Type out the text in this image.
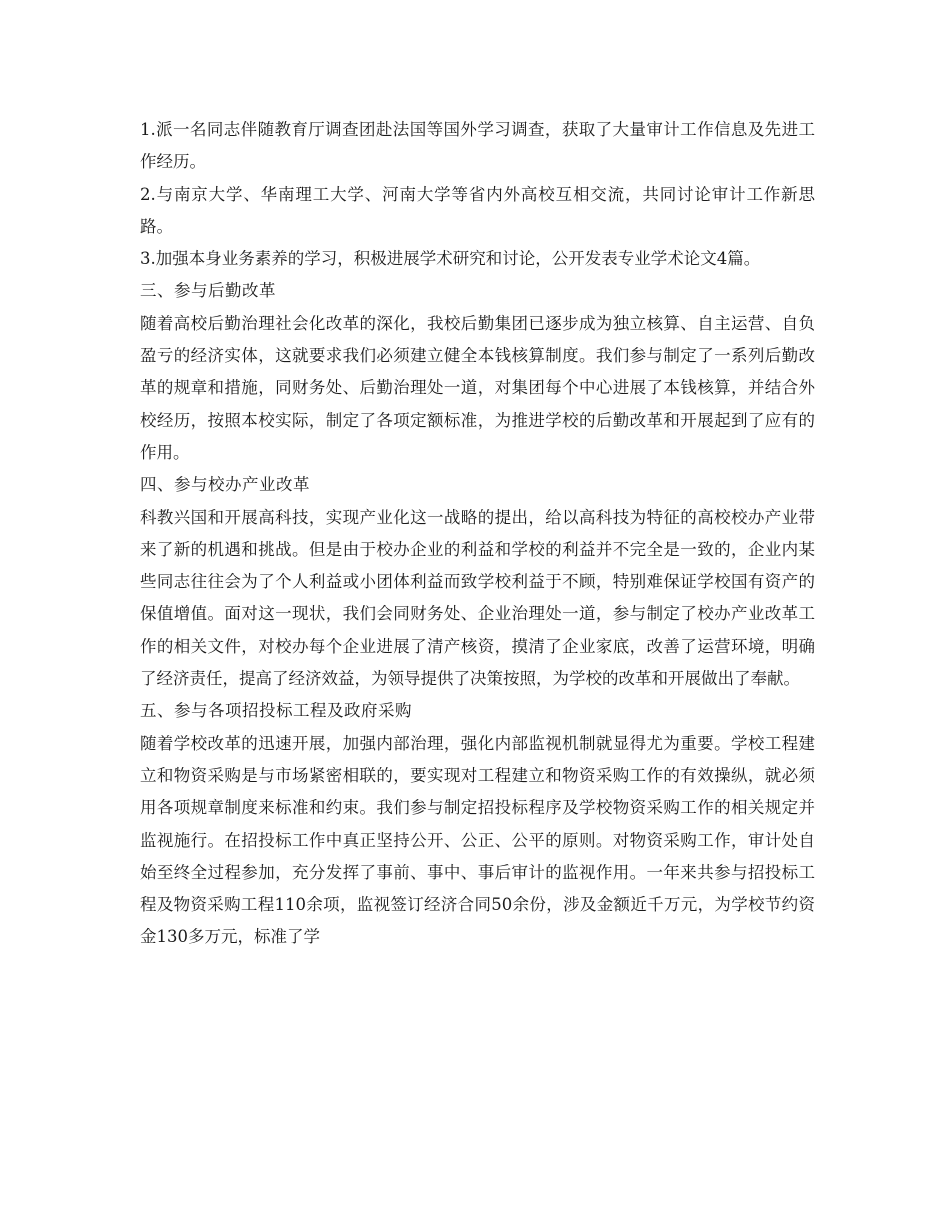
1.派一名同志伴随教育厅调查团赴法国等国外学习调查，获取了大量审计工作信息及先进工作经历。

2.与南京大学、华南理工大学、河南大学等省内外高校互相交流，共同讨论审计工作新思路。

3.加强本身业务素养的学习，积极进展学术研究和讨论，公开发表专业学术论文4篇。

三、参与后勤改革

随着高校后勤治理社会化改革的深化，我校后勤集团已逐步成为独立核算、自主运营、自负盈亏的经济实体，这就要求我们必须建立健全本钱核算制度。我们参与制定了一系列后勤改革的规章和措施，同财务处、后勤治理处一道，对集团每个中心进展了本钱核算，并结合外校经历，按照本校实际，制定了各项定额标准，为推进学校的后勤改革和开展起到了应有的作用。

四、参与校办产业改革

科教兴国和开展高科技，实现产业化这一战略的提出，给以高科技为特征的高校校办产业带来了新的机遇和挑战。但是由于校办企业的利益和学校的利益并不完全是一致的，企业内某些同志往往会为了个人利益或小团体利益而致学校利益于不顾，特别难保证学校国有资产的保值增值。面对这一现状，我们会同财务处、企业治理处一道，参与制定了校办产业改革工作的相关文件，对校办每个企业进展了清产核资，摸清了企业家底，改善了运营环境，明确了经济责任，提高了经济效益，为领导提供了决策按照，为学校的改革和开展做出了奉献。

五、参与各项招投标工程及政府采购

随着学校改革的迅速开展，加强内部治理，强化内部监视机制就显得尤为重要。学校工程建立和物资采购是与市场紧密相联的，要实现对工程建立和物资采购工作的有效操纵，就必须用各项规章制度来标准和约束。我们参与制定招投标程序及学校物资采购工作的相关规定并监视施行。在招投标工作中真正坚持公开、公正、公平的原则。对物资采购工作，审计处自始至终全过程参加，充分发挥了事前、事中、事后审计的监视作用。一年来共参与招投标工程及物资采购工程110余项，监视签订经济合同50余份，涉及金额近千万元，为学校节约资金130多万元，标准了学
